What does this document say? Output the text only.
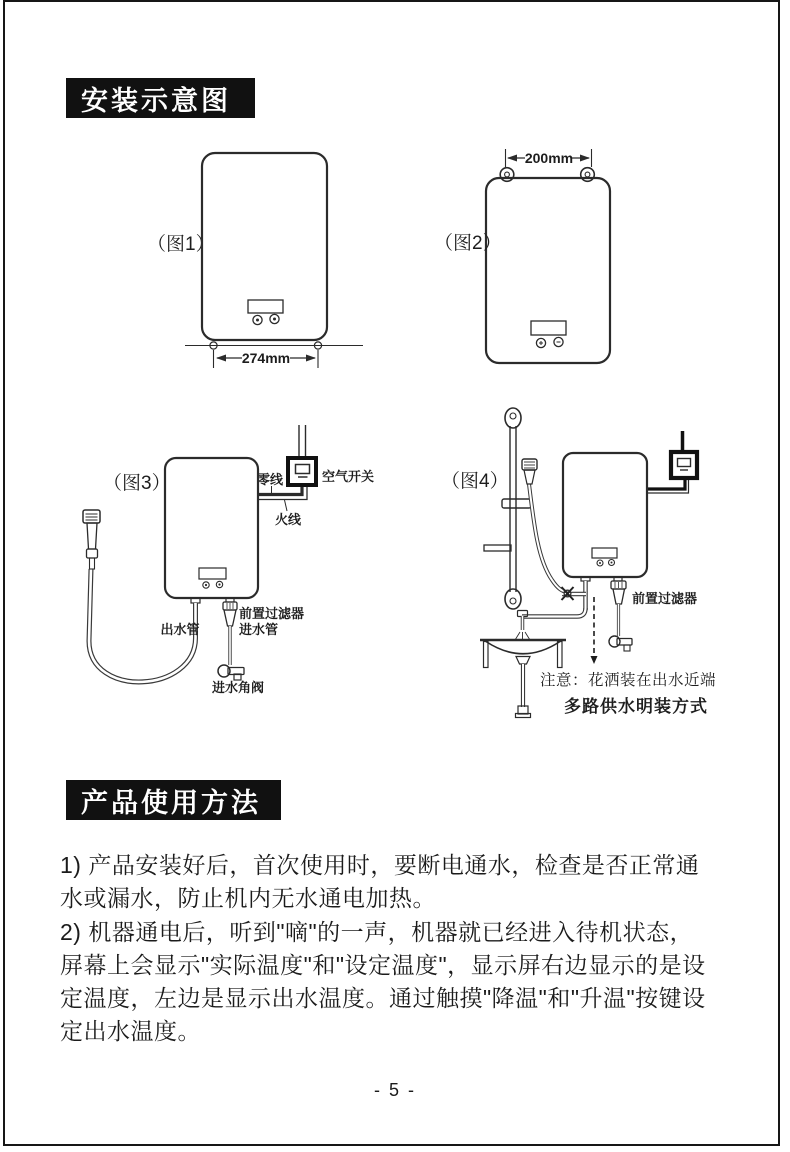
安装示意图
（图1）
274mm
200mm
（图2）
（图3）	零线	空气开关
火线
出水管
前置过滤器
进水管
进水角阀
（图4）
前置过滤器
注意：花洒装在出水近端
多路供水明装方式
产品使用方法
1) 产品安装好后，首次使用时，要断电通水，检查是否正常通
水或漏水，防止机内无水通电加热。
2) 机器通电后，听到"嘀"的一声，机器就已经进入待机状态，
屏幕上会显示"实际温度"和"设定温度"，显示屏右边显示的是设
定温度，左边是显示出水温度。通过触摸"降温"和"升温"按键设
定出水温度。
- 5 -
